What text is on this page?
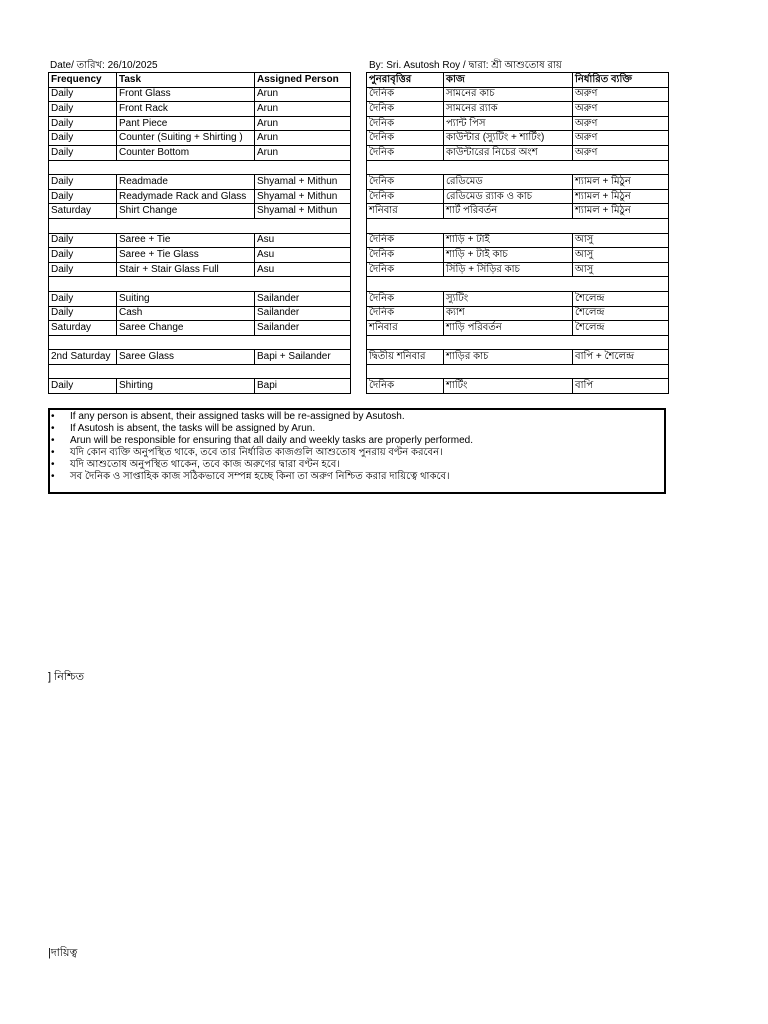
Date/ তারিখ: 26/10/2025	By: Sri. Asutosh Roy / দ্বারা: শ্রী আশুতোষ রায়
Frequency	Task	Assigned Person
Daily	Front Glass	Arun
Daily	Front Rack	Arun
Daily	Pant Piece	Arun
Daily	Counter (Suiting + Shirting )	Arun
Daily	Counter Bottom	Arun

Daily	Readmade	Shyamal + Mithun
Daily	Readymade Rack and Glass	Shyamal + Mithun
Saturday	Shirt Change	Shyamal + Mithun

Daily	Saree + Tie	Asu
Daily	Saree + Tie Glass	Asu
Daily	Stair + Stair Glass Full	Asu

Daily	Suiting	Sailander
Daily	Cash	Sailander
Saturday	Saree Change	Sailander

2nd Saturday	Saree Glass	Bapi + Sailander

Daily	Shirting	Bapi
পুনরাবৃত্তির	কাজ	নির্ধারিত ব্যক্তি
দৈনিক	সামনের কাচ	অরুণ
দৈনিক	সামনের র‍্যাক	অরুণ
দৈনিক	প্যান্ট পিস	অরুণ
দৈনিক	কাউন্টার (স্যুটিং + শার্টিং)	অরুণ
দৈনিক	কাউন্টারের নিচের অংশ	অরুণ

দৈনিক	রেডিমেড	শ্যামল + মিঠুন
দৈনিক	রেডিমেড র‍্যাক ও কাচ	শ্যামল + মিঠুন
শনিবার	শার্ট পরিবর্তন	শ্যামল + মিঠুন

দৈনিক	শাড়ি + টাই	আসু
দৈনিক	শাড়ি + টাই কাচ	আসু
দৈনিক	সিঁড়ি + সিঁড়ির কাচ	আসু

দৈনিক	স্যুটিং	শৈলেন্দ্র
দৈনিক	ক্যাশ	শৈলেন্দ্র
শনিবার	শাড়ি পরিবর্তন	শৈলেন্দ্র

দ্বিতীয় শনিবার	শাড়ির কাচ	বাপি + শৈলেন্দ্র

দৈনিক	শার্টিং	বাপি
• If any person is absent, their assigned tasks will be re-assigned by Asutosh.
• If Asutosh is absent, the tasks will be assigned by Arun.
• Arun will be responsible for ensuring that all daily and weekly tasks are properly performed.
• যদি কোন ব্যক্তি অনুপস্থিত থাকে, তবে তার নির্ধারিত কাজগুলি আশুতোষ পুনরায় বণ্টন করবেন।
• যদি আশুতোষ অনুপস্থিত থাকেন, তবে কাজ অরুণের দ্বারা বণ্টন হবে।
• সব দৈনিক ও সাপ্তাহিক কাজ সঠিকভাবে সম্পন্ন হচ্ছে কিনা তা অরুণ নিশ্চিত করার দায়িত্বে থাকবে।
] নিশ্চিত
|দায়িত্ব
